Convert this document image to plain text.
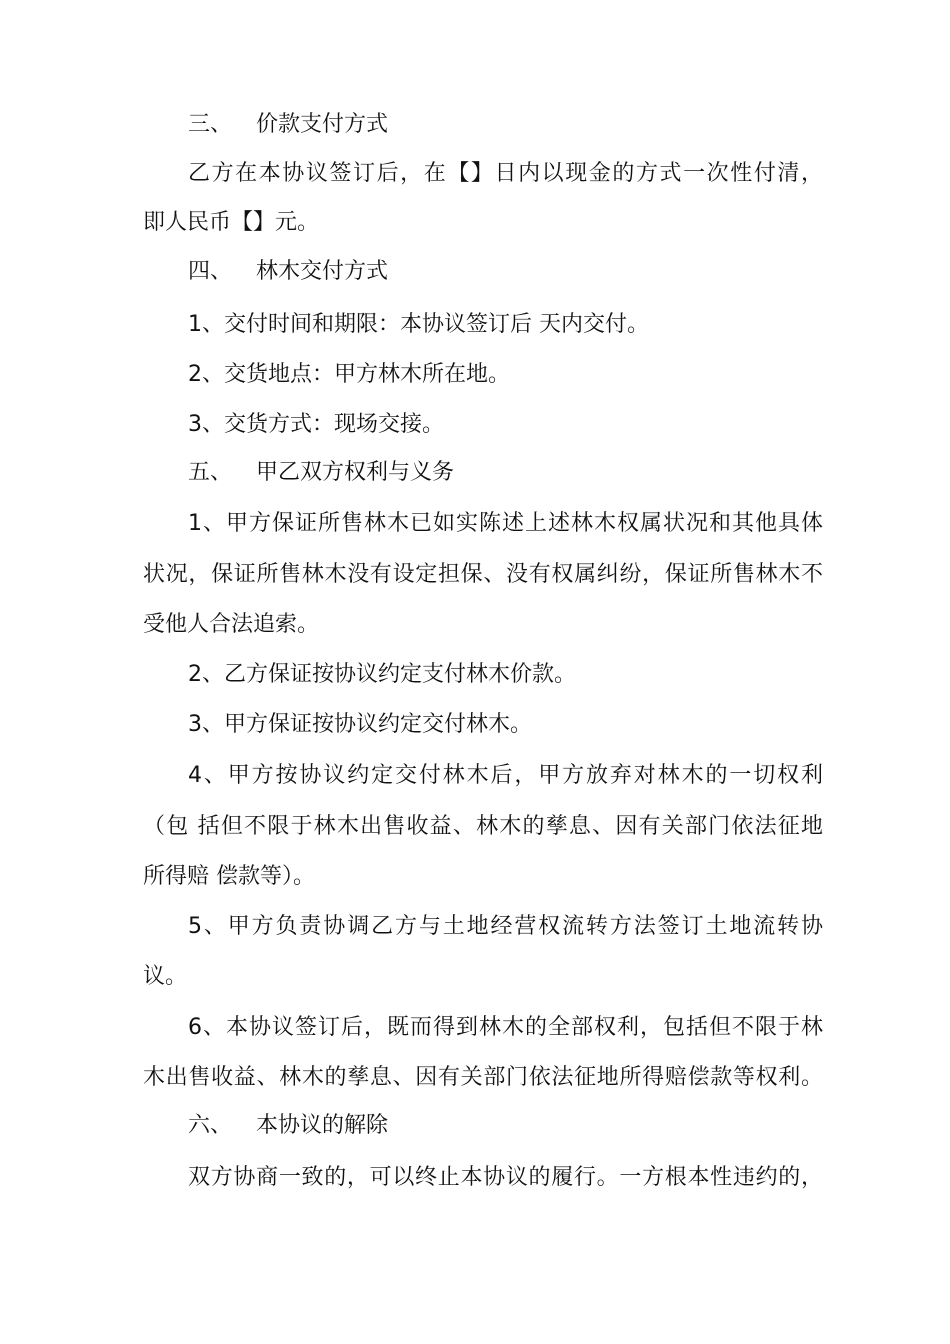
三、 价款支付方式
乙方在本协议签订后，在【】日内以现金的方式一次性付清，
即人民币【】元。
四、 林木交付方式
1、交付时间和期限：本协议签订后 天内交付。
2、交货地点：甲方林木所在地。
3、交货方式：现场交接。
五、 甲乙双方权利与义务
1、甲方保证所售林木已如实陈述上述林木权属状况和其他具体
状况，保证所售林木没有设定担保、没有权属纠纷，保证所售林木不
受他人合法追索。
2、乙方保证按协议约定支付林木价款。
3、甲方保证按协议约定交付林木。
4、甲方按协议约定交付林木后，甲方放弃对林木的一切权利
（包 括但不限于林木出售收益、林木的孳息、因有关部门依法征地
所得赔 偿款等）。
5、甲方负责协调乙方与土地经营权流转方法签订土地流转协
议。
6、本协议签订后，既而得到林木的全部权利，包括但不限于林
木出售收益、林木的孳息、因有关部门依法征地所得赔偿款等权利。
六、 本协议的解除
双方协商一致的，可以终止本协议的履行。一方根本性违约的，
